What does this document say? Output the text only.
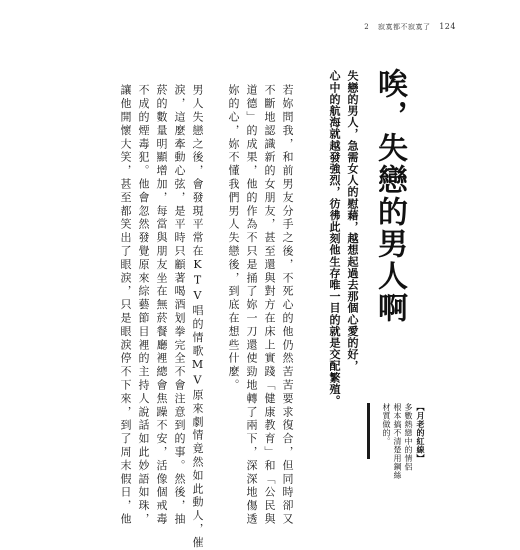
2 寂寞都不寂寞了 124
唉，失戀的男人啊
失戀的男人，急需女人的慰藉，越想起過去那個心愛的好，
心中的航海就越發強烈，彷彿此刻他生存唯一目的就是交配繁殖。
若妳問我，和前男友分手之後，不死心的他仍然苦苦要求復合，但同時卻又
不斷地認識新的女朋友，甚至還與對方在床上實踐「健康教育」和「公民與
道德」的成果，他的作為不只是捅了妳一刀還使勁地轉了兩下，深深地傷透
妳的心，妳不懂我們男人失戀後，到底在想些什麼。
男人失戀之後，會發現平常在KTV唱的情歌MV原來劇情竟然如此動人，催
淚，這麼牽動心弦，是平時只顧著喝酒划拳完全不會注意到的事。然後，抽
菸的數量明顯增加，每當與朋友坐在無菸餐廳裡總會焦躁不安，活像個戒毒
不成的煙毒犯。他會忽然發覺原來綜藝節目裡的主持人說話如此妙語如珠，
讓他開懷大笑，甚至都笑出了眼淚，只是眼淚停不下來，到了周末假日，他	【月老的紅線】
多數熱戀中的情侶
根本搞不清楚用鋼絲
材質做的。
